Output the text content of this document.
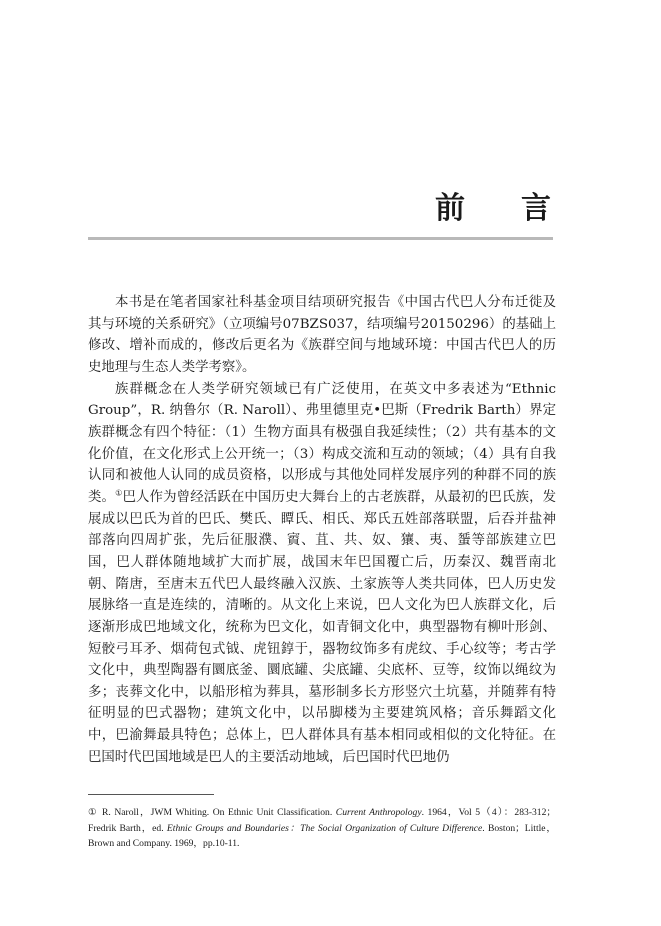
前言

本书是在笔者国家社科基金项目结项研究报告《中国古代巴人分布迁徙及其与环境的关系研究》（立项编号07BZS037，结项编号20150296）的基础上修改、增补而成的，修改后更名为《族群空间与地域环境：中国古代巴人的历史地理与生态人类学考察》。

族群概念在人类学研究领域已有广泛使用，在英文中多表述为“Ethnic Group”，R. 纳鲁尔（R. Naroll）、弗里德里克•巴斯（Fredrik Barth）界定族群概念有四个特征：（1）生物方面具有极强自我延续性；（2）共有基本的文化价值，在文化形式上公开统一；（3）构成交流和互动的领域；（4）具有自我认同和被他人认同的成员资格，以形成与其他处同样发展序列的种群不同的族类。①巴人作为曾经活跃在中国历史大舞台上的古老族群，从最初的巴氏族，发展成以巴氏为首的巴氏、樊氏、瞫氏、相氏、郑氏五姓部落联盟，后吞并盐神部落向四周扩张，先后征服濮、賨、苴、共、奴、獽、夷、蜑等部族建立巴国，巴人群体随地域扩大而扩展，战国末年巴国覆亡后，历秦汉、魏晋南北朝、隋唐，至唐末五代巴人最终融入汉族、土家族等人类共同体，巴人历史发展脉络一直是连续的，清晰的。从文化上来说，巴人文化为巴人族群文化，后逐渐形成巴地域文化，统称为巴文化，如青铜文化中，典型器物有柳叶形剑、短骹弓耳矛、烟荷包式钺、虎钮錞于，器物纹饰多有虎纹、手心纹等；考古学文化中，典型陶器有圜底釜、圜底罐、尖底罐、尖底杯、豆等，纹饰以绳纹为多；丧葬文化中，以船形棺为葬具，墓形制多长方形竖穴土坑墓，并随葬有特征明显的巴式器物；建筑文化中，以吊脚楼为主要建筑风格；音乐舞蹈文化中，巴渝舞最具特色；总体上，巴人群体具有基本相同或相似的文化特征。在巴国时代巴国地域是巴人的主要活动地域，后巴国时代巴地仍

① R. Naroll，JWM Whiting. On Ethnic Unit Classification. Current Anthropology. 1964，Vol 5（4）：283-312；Fredrik Barth，ed. Ethnic Groups and Boundaries：The Social Organization of Culture Difference. Boston；Little，Brown and Company. 1969，pp.10-11.
